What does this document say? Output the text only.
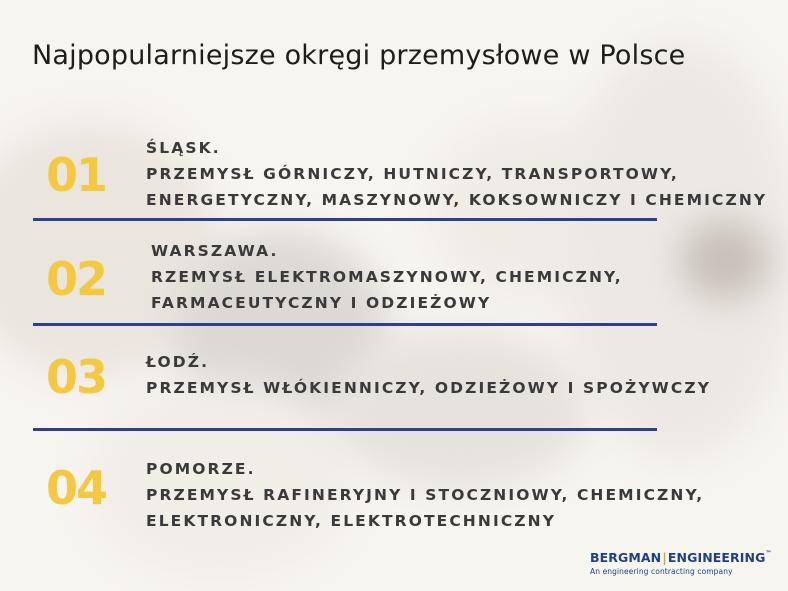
Najpopularniejsze okręgi przemysłowe w Polsce
01	ŚLĄSK.
PRZEMYSŁ GÓRNICZY, HUTNICZY, TRANSPORTOWY,
ENERGETYCZNY, MASZYNOWY, KOKSOWNICZY I CHEMICZNY
02
WARSZAWA.
RZEMYSŁ ELEKTROMASZYNOWY, CHEMICZNY,
FARMACEUTYCZNY I ODZIEŻOWY
03	ŁODŹ.
PRZEMYSŁ WŁÓKIENNICZY, ODZIEŻOWY I SPOŻYWCZY
04	POMORZE.
PRZEMYSŁ RAFINERYJNY I STOCZNIOWY, CHEMICZNY,
ELEKTRONICZNY, ELEKTROTECHNICZNY
BERGMAN|ENGINEERING™
An engineering contracting company
